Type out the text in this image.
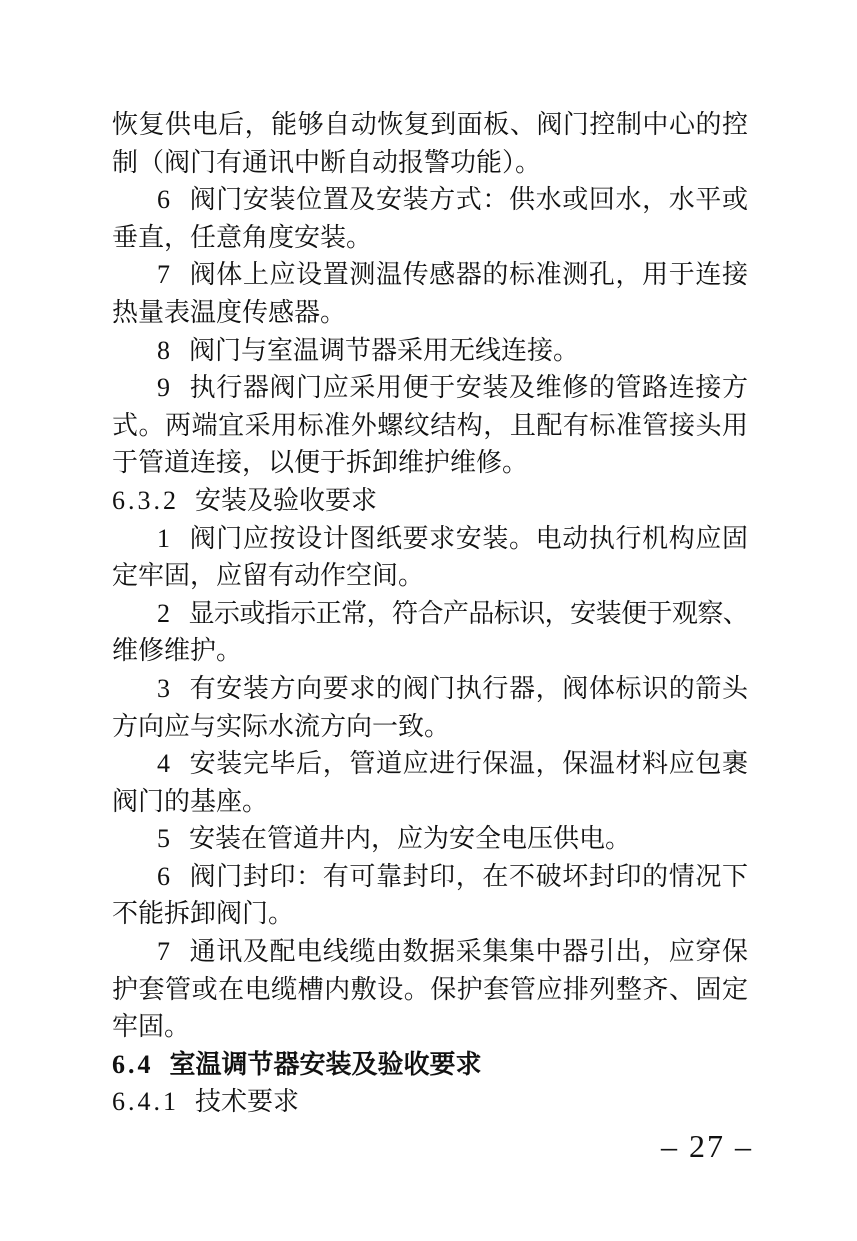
恢复供电后，能够自动恢复到面板、阀门控制中心的控
制（阀门有通讯中断自动报警功能）。
6 阀门安装位置及安装方式：供水或回水，水平或
垂直，任意角度安装。
7 阀体上应设置测温传感器的标准测孔，用于连接
热量表温度传感器。
8 阀门与室温调节器采用无线连接。
9 执行器阀门应采用便于安装及维修的管路连接方
式。两端宜采用标准外螺纹结构，且配有标准管接头用
于管道连接，以便于拆卸维护维修。
6.3.2 安装及验收要求
1 阀门应按设计图纸要求安装。电动执行机构应固
定牢固，应留有动作空间。
2 显示或指示正常，符合产品标识，安装便于观察、
维修维护。
3 有安装方向要求的阀门执行器，阀体标识的箭头
方向应与实际水流方向一致。
4 安装完毕后，管道应进行保温，保温材料应包裹
阀门的基座。
5 安装在管道井内，应为安全电压供电。
6 阀门封印：有可靠封印，在不破坏封印的情况下
不能拆卸阀门。
7 通讯及配电线缆由数据采集集中器引出，应穿保
护套管或在电缆槽内敷设。保护套管应排列整齐、固定
牢固。
6.4 室温调节器安装及验收要求
6.4.1 技术要求
– 27 –
